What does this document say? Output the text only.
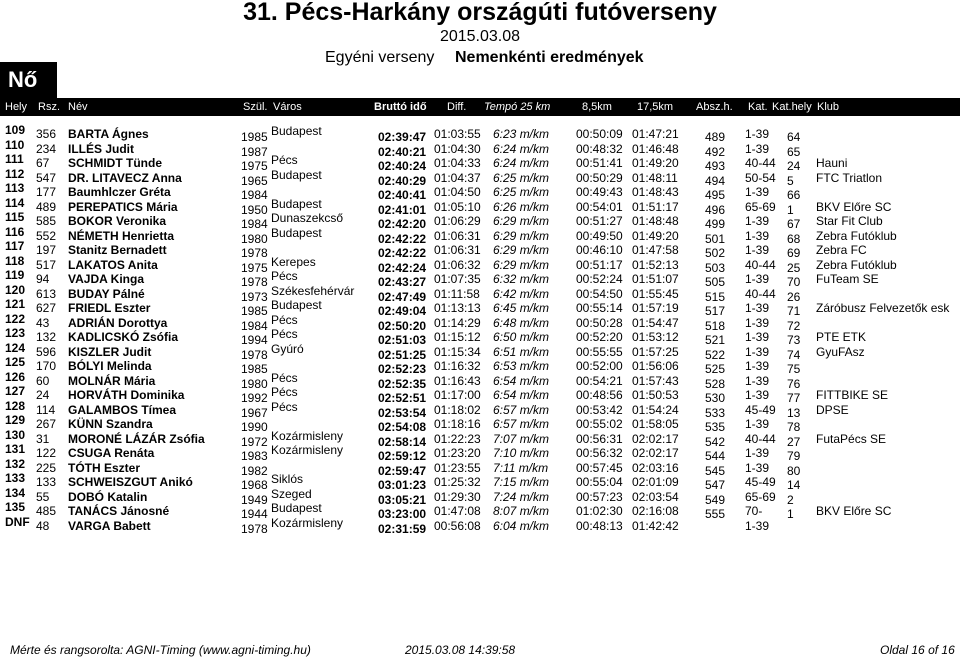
31. Pécs-Harkány országúti futóverseny
2015.03.08
Egyéni verseny Nemenkénti eredmények
Nő
Hely Rsz. Név	Szül. Város	Bruttó idő Diff. Tempó 25 km	8,5km 17,5km Absz.h. Kat. Kat.hely Klub
109 356 BARTA Ágnes	1985 Budapest	02:39:47 01:03:55 6:23 m/km 00:50:09 01:47:21 489 1-39 64
110 234 ILLÉS Judit	1987	02:40:21 01:04:30 6:24 m/km 00:48:32 01:46:48 492 1-39 65
111 67 SCHMIDT Tünde	1975 Pécs	02:40:24 01:04:33 6:24 m/km 00:51:41 01:49:20 493 40-44 24 Hauni
112 547 DR. LITAVECZ Anna	1965 Budapest	02:40:29 01:04:37 6:25 m/km 00:50:29 01:48:11 494 50-54 5 FTC Triatlon
113 177 Baumhlczer Gréta	1984	02:40:41 01:04:50 6:25 m/km 00:49:43 01:48:43 495 1-39 66
114 489 PEREPATICS Mária	1950 Budapest	02:41:01 01:05:10 6:26 m/km 00:54:01 01:51:17 496 65-69 1 BKV Előre SC
115 585 BOKOR Veronika	1984 Dunaszekcső	02:42:20 01:06:29 6:29 m/km 00:51:27 01:48:48 499 1-39 67 Star Fit Club
116 552 NÉMETH Henrietta	1980 Budapest	02:42:22 01:06:31 6:29 m/km 00:49:50 01:49:20 501 1-39 68 Zebra Futóklub
117 197 Stanitz Bernadett	1978	02:42:22 01:06:31 6:29 m/km 00:46:10 01:47:58 502 1-39 69 Zebra FC
118 517 LAKATOS Anita	1975 Kerepes	02:42:24 01:06:32 6:29 m/km 00:51:17 01:52:13 503 40-44 25 Zebra Futóklub
119 94 VAJDA Kinga	1978 Pécs	02:43:27 01:07:35 6:32 m/km 00:52:24 01:51:07 505 1-39 70 FuTeam SE
120 613 BUDAY Pálné	1973 Székesfehérvár 02:47:49 01:11:58 6:42 m/km 00:54:50 01:55:45 515 40-44 26
121 627 FRIEDL Eszter	1985 Budapest	02:49:04 01:13:13 6:45 m/km 00:55:14 01:57:19 517 1-39 71 Záróbusz Felvezetők esk
122 43 ADRIÁN Dorottya	1984 Pécs	02:50:20 01:14:29 6:48 m/km 00:50:28 01:54:47 518 1-39 72
123 132 KADLICSKÓ Zsófia	1994 Pécs	02:51:03 01:15:12 6:50 m/km 00:52:20 01:53:12 521 1-39 73 PTE ETK
124 596 KISZLER Judit	1978 Gyúró	02:51:25 01:15:34 6:51 m/km 00:55:55 01:57:25 522 1-39 74 GyuFAsz
125 170 BÓLYI Melinda	1985	02:52:23 01:16:32 6:53 m/km 00:52:00 01:56:06 525 1-39 75
126 60 MOLNÁR Mária	1980 Pécs	02:52:35 01:16:43 6:54 m/km 00:54:21 01:57:43 528 1-39 76
127 24 HORVÁTH Dominika	1992 Pécs	02:52:51 01:17:00 6:54 m/km 00:48:56 01:50:53 530 1-39 77 FITTBIKE SE
128 114 GALAMBOS Tímea	1967 Pécs	02:53:54 01:18:02 6:57 m/km 00:53:42 01:54:24 533 45-49 13 DPSE
129 267 KÜNN Szandra	1990	02:54:08 01:18:16 6:57 m/km 00:55:02 01:58:05 535 1-39 78
130 31 MORONÉ LÁZÁR Zsófia	1972 Kozármisleny	02:58:14 01:22:23 7:07 m/km 00:56:31 02:02:17 542 40-44 27 FutaPécs SE
131 122 CSUGA Renáta	1983 Kozármisleny	02:59:12 01:23:20 7:10 m/km 00:56:32 02:02:17 544 1-39 79
132 225 TÓTH Eszter	1982	02:59:47 01:23:55 7:11 m/km 00:57:45 02:03:16 545 1-39 80
133 133 SCHWEISZGUT Anikó	1968 Siklós	03:01:23 01:25:32 7:15 m/km 00:55:04 02:01:09 547 45-49 14
134 55 DOBÓ Katalin	1949 Szeged	03:05:21 01:29:30 7:24 m/km 00:57:23 02:03:54 549 65-69 2
135 485 TANÁCS Jánosné	1944 Budapest	03:23:00 01:47:08 8:07 m/km 01:02:30 02:16:08 555 70- 1 BKV Előre SC
DNF 48 VARGA Babett	1978 Kozármisleny	02:31:59 00:56:08 6:04 m/km 00:48:13 01:42:42	1-39
Mérte és rangsorolta: AGNI-Timing (www.agni-timing.hu)	2015.03.08 14:39:58	Oldal 16 of 16
